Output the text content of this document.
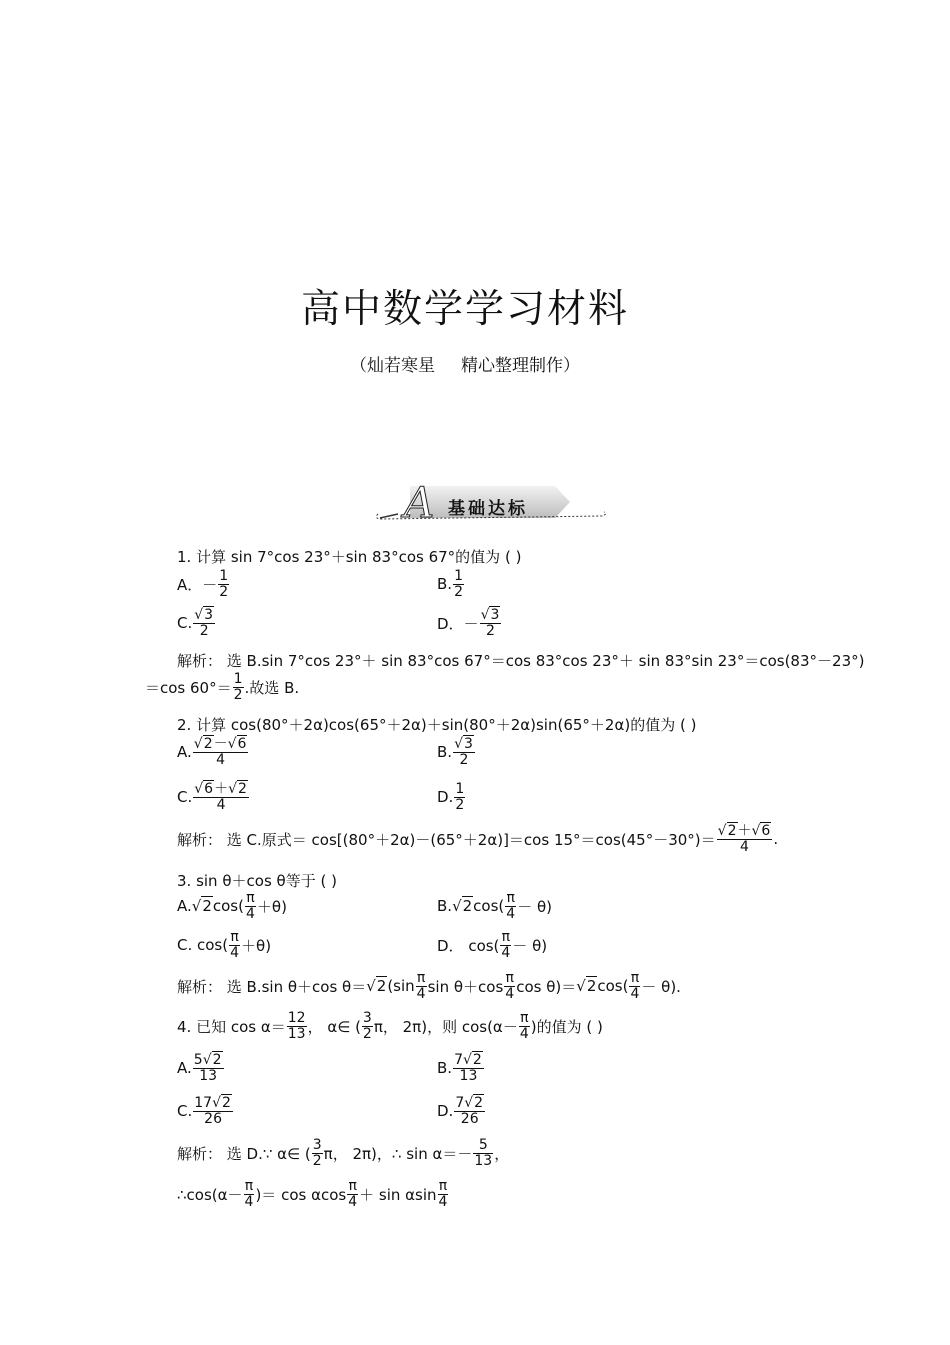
高中数学学习材料
（灿若寒星 精心整理制作）
A 基础达标
1. 计算 sin 7°cos 23°＋sin 83°cos 67°的值为 ( )
A．－ $\frac{1}{2}$	B. $\frac{1}{2}$
C. $\frac{√3}{2}$	D．－ $\frac{√3}{2}$
解析： 选 B.sin 7°cos 23°＋ sin 83°cos 67°＝cos 83°cos 23°＋ sin 83°sin 23°＝cos(83°－23°)
＝cos $60^\circ= \frac{1}{2}$ .故选 B.
2. 计算 cos(80°＋2α)cos(65°＋2α)＋sin(80°＋2α)sin(65°＋2α)的值为 ( )
A. $\frac{√2-√6}{4}$	B. $\frac{√3}{2}$
C. $\frac{√6+√2}{4}$	D. $\frac{1}{2}$
解析： 选 C.原式＝ cos[(80°＋2α)－(65°＋2α)]＝cos $15^\circ=\cos(45^\circ-30^\circ)= \frac{√2+√6}{4}$ .
3. sin θ＋cos θ等于 ( )
A. √2 $\cos( \frac{\pi}{4} +\theta)$	B. √2 $\cos( \frac{\pi}{4} - \theta)$
C. $\cos( \frac{\pi}{4} +\theta)$	D． $\cos( \frac{\pi}{4} - \theta)$
解析： 选 B.sin θ＋cos θ＝ √2 ($\sin \frac{\pi}{4}$ $\sin \theta+\cos \frac{\pi}{4}$ cos θ)＝ √2 $\cos( \frac{\pi}{4} - \theta)$.
4. 已知 $\cos \alpha= \frac{12}{13}$ ， α∈ ( $\frac{3}{2}$ π， 2π)，则 $\cos(\alpha- \frac{\pi}{4}$ )的值为 ( )
A. $\frac{5√2}{13}$	B. $\frac{7√2}{13}$
C. $\frac{17√2}{26}$	D. $\frac{7√2}{26}$
解析： 选 D.∵ α∈ ( $\frac{3}{2}$ π， 2π)，∴ $\sin \alpha=- \frac{5}{13}$ ，
∴cos(α－ $\frac{\pi}{4}$ )＝ cos αcos $\frac{\pi}{4} + \sin \alpha\sin \frac{\pi}{4}$
